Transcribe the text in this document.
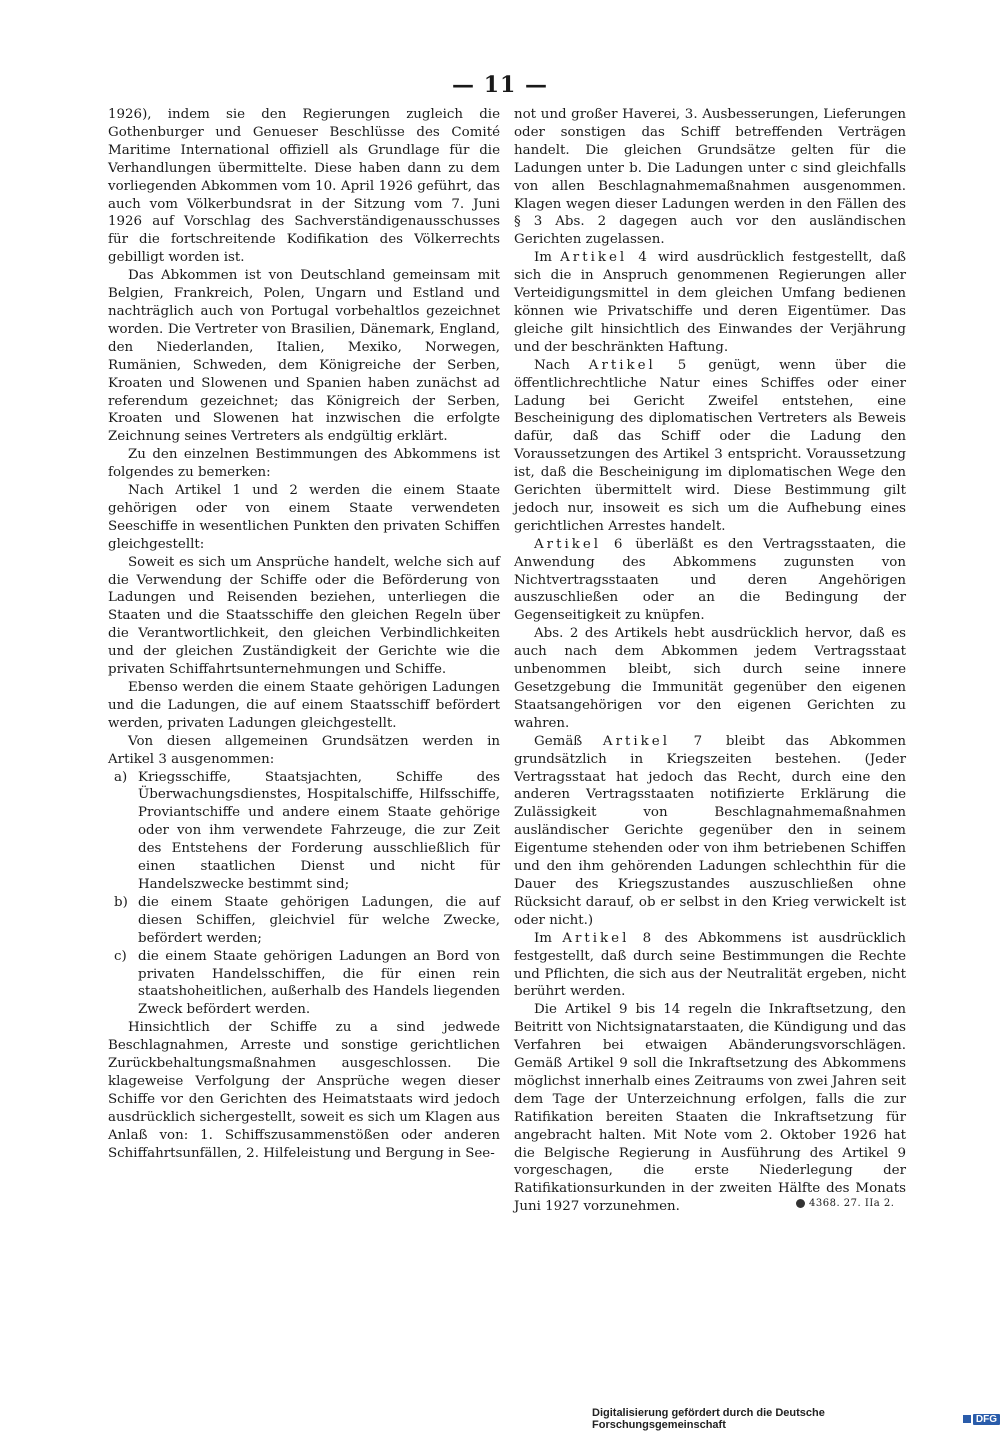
— 11 —

1926), indem sie den Regierungen zugleich die Gothenburger und Genueser Beschlüsse des Comité Maritime International offiziell als Grundlage für die Verhandlungen übermittelte. Diese haben dann zu dem vorliegenden Abkommen vom 10. April 1926 geführt, das auch vom Völkerbundsrat in der Sitzung vom 7. Juni 1926 auf Vorschlag des Sachverständigenausschusses für die fortschreitende Kodifikation des Völkerrechts gebilligt worden ist.

Das Abkommen ist von Deutschland gemeinsam mit Belgien, Frankreich, Polen, Ungarn und Estland und nachträglich auch von Portugal vorbehaltlos gezeichnet worden. Die Vertreter von Brasilien, Dänemark, England, den Niederlanden, Italien, Mexiko, Norwegen, Rumänien, Schweden, dem Königreiche der Serben, Kroaten und Slowenen und Spanien haben zunächst ad referendum gezeichnet; das Königreich der Serben, Kroaten und Slowenen hat inzwischen die erfolgte Zeichnung seines Vertreters als endgültig erklärt.

Zu den einzelnen Bestimmungen des Abkommens ist folgendes zu bemerken:

Nach Artikel 1 und 2 werden die einem Staate gehörigen oder von einem Staate verwendeten Seeschiffe in wesentlichen Punkten den privaten Schiffen gleichgestellt:

Soweit es sich um Ansprüche handelt, welche sich auf die Verwendung der Schiffe oder die Beförderung von Ladungen und Reisenden beziehen, unterliegen die Staaten und die Staatsschiffe den gleichen Regeln über die Verantwortlichkeit, den gleichen Verbindlichkeiten und der gleichen Zuständigkeit der Gerichte wie die privaten Schiffahrtsunternehmungen und Schiffe.

Ebenso werden die einem Staate gehörigen Ladungen und die Ladungen, die auf einem Staatsschiff befördert werden, privaten Ladungen gleichgestellt.

Von diesen allgemeinen Grundsätzen werden in Artikel 3 ausgenommen:

a) Kriegsschiffe, Staatsjachten, Schiffe des Überwachungsdienstes, Hospitalschiffe, Hilfsschiffe, Proviantschiffe und andere einem Staate gehörige oder von ihm verwendete Fahrzeuge, die zur Zeit des Entstehens der Forderung ausschließlich für einen staatlichen Dienst und nicht für Handelszwecke bestimmt sind;
b) die einem Staate gehörigen Ladungen, die auf diesen Schiffen, gleichviel für welche Zwecke, befördert werden;
c) die einem Staate gehörigen Ladungen an Bord von privaten Handelsschiffen, die für einen rein staatshoheitlichen, außerhalb des Handels liegenden Zweck befördert werden.

Hinsichtlich der Schiffe zu a sind jedwede Beschlagnahmen, Arreste und sonstige gerichtlichen Zurückbehaltungsmaßnahmen ausgeschlossen. Die klageweise Verfolgung der Ansprüche wegen dieser Schiffe vor den Gerichten des Heimatstaats wird jedoch ausdrücklich sichergestellt, soweit es sich um Klagen aus Anlaß von: 1. Schiffszusammenstößen oder anderen Schiffahrtsunfällen, 2. Hilfeleistung und Bergung in See-

not und großer Haverei, 3. Ausbesserungen, Lieferungen oder sonstigen das Schiff betreffenden Verträgen handelt. Die gleichen Grundsätze gelten für die Ladungen unter b. Die Ladungen unter c sind gleichfalls von allen Beschlagnahmemaßnahmen ausgenommen. Klagen wegen dieser Ladungen werden in den Fällen des § 3 Abs. 2 dagegen auch vor den ausländischen Gerichten zugelassen.

Im Artikel 4 wird ausdrücklich festgestellt, daß sich die in Anspruch genommenen Regierungen aller Verteidigungsmittel in dem gleichen Umfang bedienen können wie Privatschiffe und deren Eigentümer. Das gleiche gilt hinsichtlich des Einwandes der Verjährung und der beschränkten Haftung.

Nach Artikel 5 genügt, wenn über die öffentlichrechtliche Natur eines Schiffes oder einer Ladung bei Gericht Zweifel entstehen, eine Bescheinigung des diplomatischen Vertreters als Beweis dafür, daß das Schiff oder die Ladung den Voraussetzungen des Artikel 3 entspricht. Voraussetzung ist, daß die Bescheinigung im diplomatischen Wege den Gerichten übermittelt wird. Diese Bestimmung gilt jedoch nur, insoweit es sich um die Aufhebung eines gerichtlichen Arrestes handelt.

Artikel 6 überläßt es den Vertragsstaaten, die Anwendung des Abkommens zugunsten von Nichtvertragsstaaten und deren Angehörigen auszuschließen oder an die Bedingung der Gegenseitigkeit zu knüpfen.

Abs. 2 des Artikels hebt ausdrücklich hervor, daß es auch nach dem Abkommen jedem Vertragsstaat unbenommen bleibt, sich durch seine innere Gesetzgebung die Immunität gegenüber den eigenen Staatsangehörigen vor den eigenen Gerichten zu wahren.

Gemäß Artikel 7 bleibt das Abkommen grundsätzlich in Kriegszeiten bestehen. (Jeder Vertragsstaat hat jedoch das Recht, durch eine den anderen Vertragsstaaten notifizierte Erklärung die Zulässigkeit von Beschlagnahmemaßnahmen ausländischer Gerichte gegenüber den in seinem Eigentume stehenden oder von ihm betriebenen Schiffen und den ihm gehörenden Ladungen schlechthin für die Dauer des Kriegszustandes auszuschließen ohne Rücksicht darauf, ob er selbst in den Krieg verwickelt ist oder nicht.)

Im Artikel 8 des Abkommens ist ausdrücklich festgestellt, daß durch seine Bestimmungen die Rechte und Pflichten, die sich aus der Neutralität ergeben, nicht berührt werden.

Die Artikel 9 bis 14 regeln die Inkraftsetzung, den Beitritt von Nichtsignatarstaaten, die Kündigung und das Verfahren bei etwaigen Abänderungsvorschlägen. Gemäß Artikel 9 soll die Inkraftsetzung des Abkommens möglichst innerhalb eines Zeitraums von zwei Jahren seit dem Tage der Unterzeichnung erfolgen, falls die zur Ratifikation bereiten Staaten die Inkraftsetzung für angebracht halten. Mit Note vom 2. Oktober 1926 hat die Belgische Regierung in Ausführung des Artikel 9 vorgeschagen, die erste Niederlegung der Ratifikationsurkunden in der zweiten Hälfte des Monats Juni 1927 vorzunehmen.	4368. 27. IIa 2.
Digitalisierung gefördert durch die Deutsche Forschungsgemeinschaft	DFG
